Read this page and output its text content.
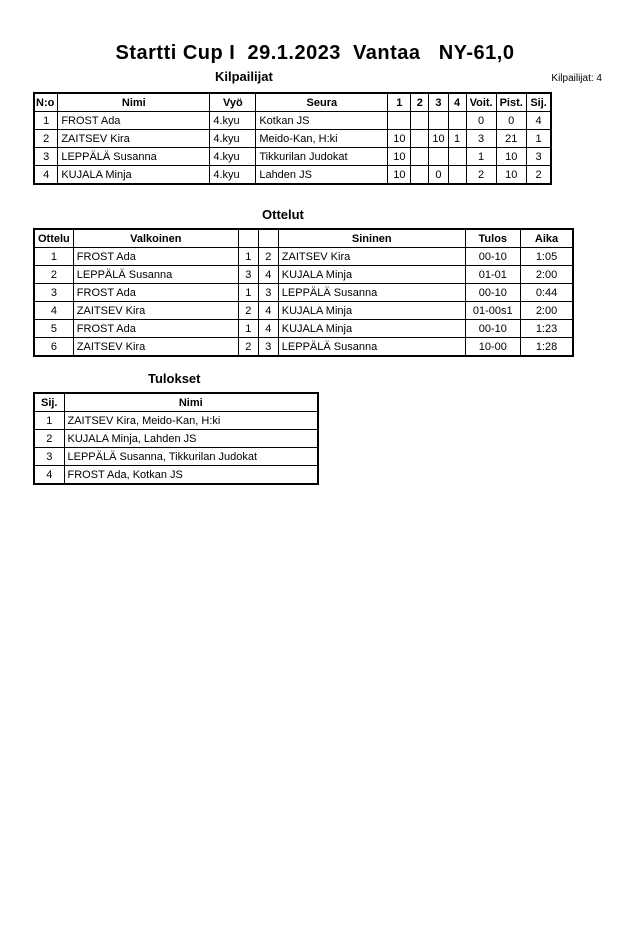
Startti Cup I  29.1.2023  Vantaa   NY-61,0
Kilpailijat	Kilpailijat: 4
N:o	Nimi	Vyö	Seura	1	2	3	4	Voit.	Pist.	Sij.
1	FROST Ada	4.kyu	Kotkan JS					0	0	4
2	ZAITSEV Kira	4.kyu	Meido-Kan, H:ki	10		10	1	3	21	1
3	LEPPÄLÄ Susanna	4.kyu	Tikkurilan Judokat	10				1	10	3
4	KUJALA Minja	4.kyu	Lahden JS	10		0		2	10	2
Ottelut
Ottelu	Valkoinen			Sininen	Tulos	Aika
1	FROST Ada	1	2	ZAITSEV Kira	00-10	1:05
2	LEPPÄLÄ Susanna	3	4	KUJALA Minja	01-01	2:00
3	FROST Ada	1	3	LEPPÄLÄ Susanna	00-10	0:44
4	ZAITSEV Kira	2	4	KUJALA Minja	01-00s1	2:00
5	FROST Ada	1	4	KUJALA Minja	00-10	1:23
6	ZAITSEV Kira	2	3	LEPPÄLÄ Susanna	10-00	1:28
Tulokset
Sij.	Nimi
1	ZAITSEV Kira, Meido-Kan, H:ki
2	KUJALA Minja, Lahden JS
3	LEPPÄLÄ Susanna, Tikkurilan Judokat
4	FROST Ada, Kotkan JS
